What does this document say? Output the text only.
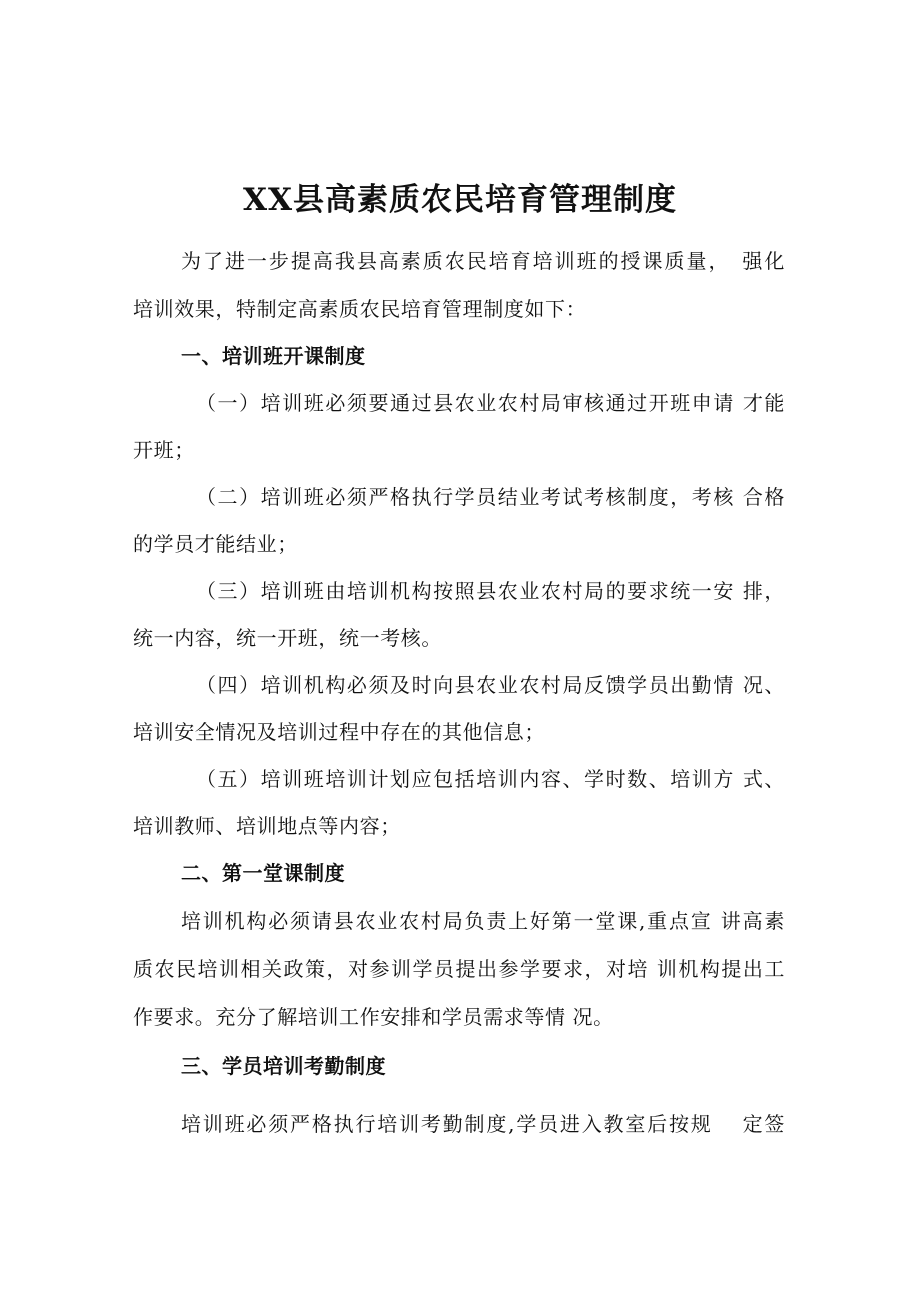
XX县高素质农民培育管理制度
为了进一步提高我县高素质农民培育培训班的授课质量，　强化
培训效果，特制定高素质农民培育管理制度如下：
一、培训班开课制度
（一）培训班必须要通过县农业农村局审核通过开班申请 才能
开班；
（二）培训班必须严格执行学员结业考试考核制度，考核 合格
的学员才能结业；
（三）培训班由培训机构按照县农业农村局的要求统一安 排，
统一内容，统一开班，统一考核。
（四）培训机构必须及时向县农业农村局反馈学员出勤情 况、
培训安全情况及培训过程中存在的其他信息；
（五）培训班培训计划应包括培训内容、学时数、培训方 式、
培训教师、培训地点等内容；
二、第一堂课制度
培训机构必须请县农业农村局负责上好第一堂课,重点宣 讲高素
质农民培训相关政策，对参训学员提出参学要求，对培 训机构提出工
作要求。充分了解培训工作安排和学员需求等情 况。
三、学员培训考勤制度
培训班必须严格执行培训考勤制度,学员进入教室后按规　 定签
